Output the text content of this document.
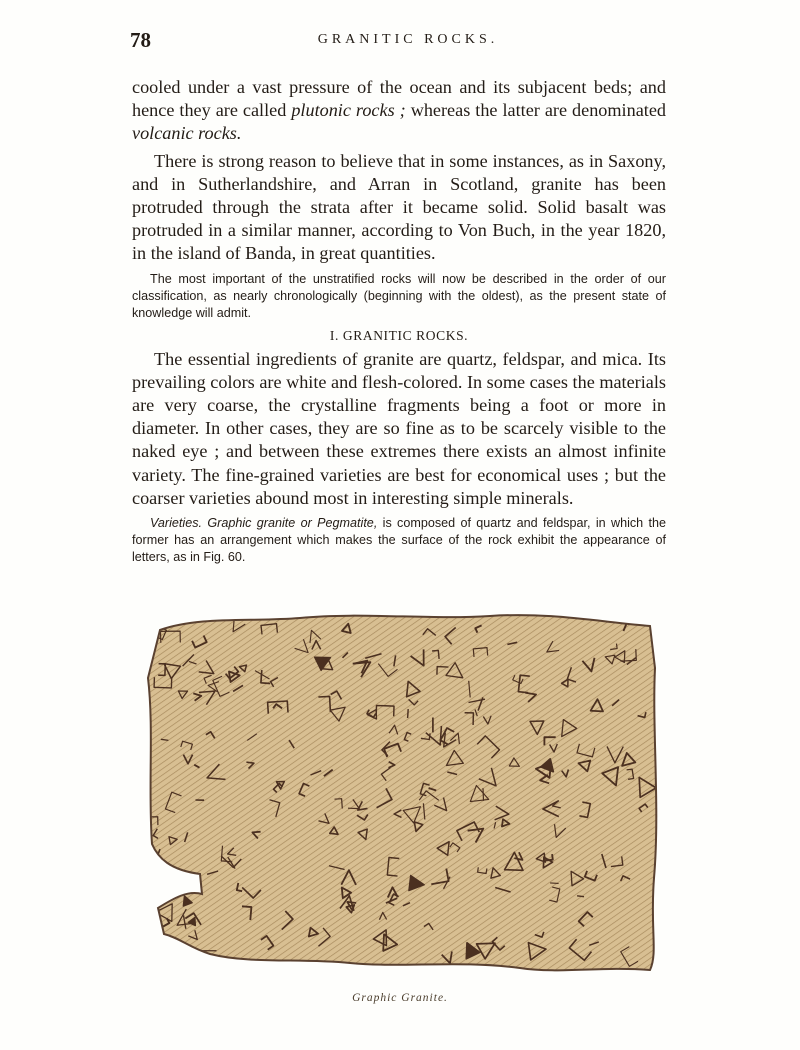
78	GRANITIC ROCKS.

cooled under a vast pressure of the ocean and its subjacent beds; and hence they are called plutonic rocks ; whereas the latter are denominated volcanic rocks.

There is strong reason to believe that in some instances, as in Saxony, and in Sutherlandshire, and Arran in Scotland, granite has been protruded through the strata after it became solid. Solid basalt was protruded in a similar manner, according to Von Buch, in the year 1820, in the island of Banda, in great quantities.

The most important of the unstratified rocks will now be described in the order of our classification, as nearly chronologically (beginning with the oldest), as the present state of knowledge will admit.

I. GRANITIC ROCKS.

The essential ingredients of granite are quartz, feldspar, and mica. Its prevailing colors are white and flesh-colored. In some cases the materials are very coarse, the crystalline fragments being a foot or more in diameter. In other cases, they are so fine as to be scarcely visible to the naked eye ; and between these extremes there exists an almost infinite variety. The fine-grained varieties are best for economical uses ; but the coarser varieties abound most in interesting simple minerals.

Varieties. Graphic granite or Pegmatite, is composed of quartz and feldspar, in which the former has an arrangement which makes the surface of the rock exhibit the appearance of letters, as in Fig. 60.

Graphic Granite.
